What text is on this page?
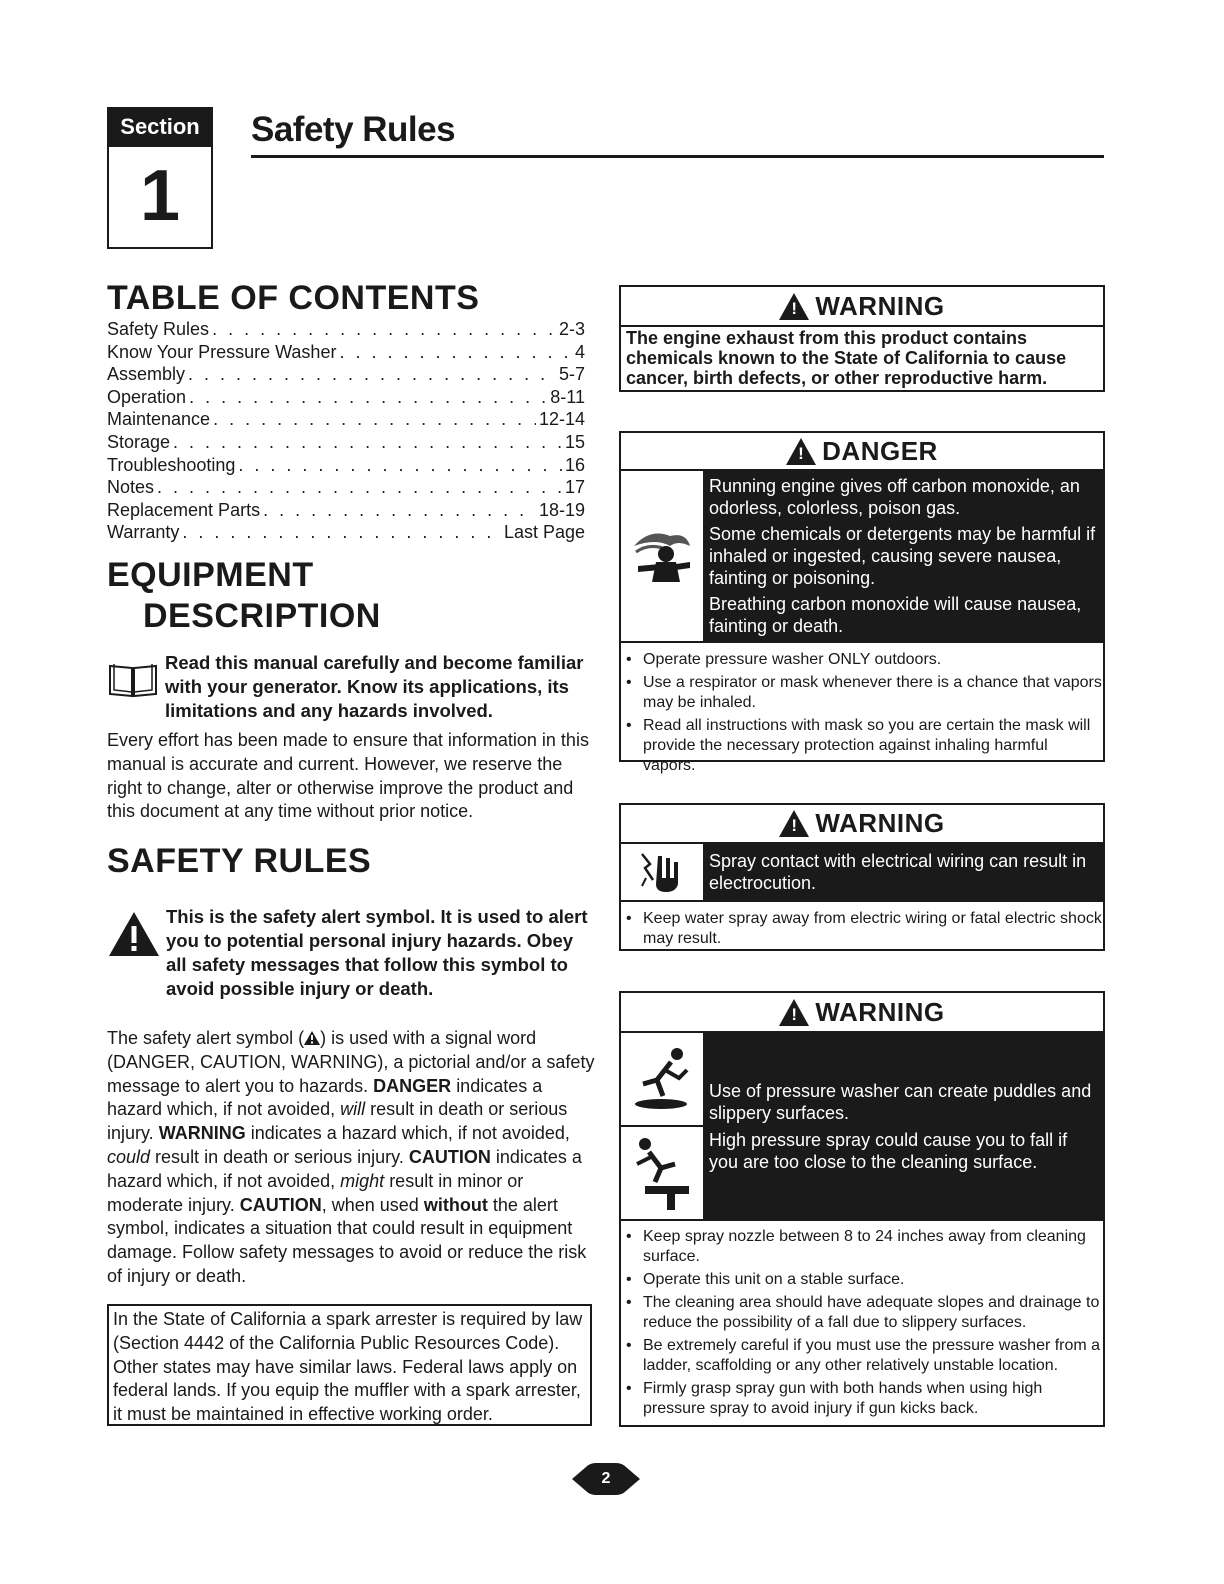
Section
1
Safety Rules
TABLE OF CONTENTS
Safety Rules . . .	2-3
Know Your Pressure Washer . . .	4
Assembly . . .	5-7
Operation . . .	8-11
Maintenance . . .	12-14
Storage . . .	15
Troubleshooting . . .	16
Notes . . .	17
Replacement Parts . . .	18-19
Warranty . . .	Last Page
EQUIPMENT
DESCRIPTION
Read this manual carefully and become familiar with your generator. Know its applications, its limitations and any hazards involved.
Every effort has been made to ensure that information in this manual is accurate and current. However, we reserve the right to change, alter or otherwise improve the product and this document at any time without prior notice.
SAFETY RULES
This is the safety alert symbol. It is used to alert you to potential personal injury hazards. Obey all safety messages that follow this symbol to avoid possible injury or death.
The safety alert symbol ( ) is used with a signal word (DANGER, CAUTION, WARNING), a pictorial and/or a safety message to alert you to hazards. DANGER indicates a hazard which, if not avoided, will result in death or serious injury. WARNING indicates a hazard which, if not avoided, could result in death or serious injury. CAUTION indicates a hazard which, if not avoided, might result in minor or moderate injury. CAUTION, when used without the alert symbol, indicates a situation that could result in equipment damage. Follow safety messages to avoid or reduce the risk of injury or death.
In the State of California a spark arrester is required by law (Section 4442 of the California Public Resources Code). Other states may have similar laws. Federal laws apply on federal lands. If you equip the muffler with a spark arrester, it must be maintained in effective working order.
!
WARNING
The engine exhaust from this product contains chemicals known to the State of California to cause cancer, birth defects, or other reproductive harm.
!
DANGER
Running engine gives off carbon monoxide, an odorless, colorless, poison gas.
Some chemicals or detergents may be harmful if inhaled or ingested, causing severe nausea, fainting or poisoning.
Breathing carbon monoxide will cause nausea, fainting or death.
• Operate pressure washer ONLY outdoors.
• Use a respirator or mask whenever there is a chance that vapors may be inhaled.
• Read all instructions with mask so you are certain the mask will provide the necessary protection against inhaling harmful vapors.
!
WARNING
Spray contact with electrical wiring can result in electrocution.
• Keep water spray away from electric wiring or fatal electric shock may result.
!
WARNING
Use of pressure washer can create puddles and slippery surfaces.
High pressure spray could cause you to fall if you are too close to the cleaning surface.
• Keep spray nozzle between 8 to 24 inches away from cleaning surface.
• Operate this unit on a stable surface.
• The cleaning area should have adequate slopes and drainage to reduce the possibility of a fall due to slippery surfaces.
• Be extremely careful if you must use the pressure washer from a ladder, scaffolding or any other relatively unstable location.
• Firmly grasp spray gun with both hands when using high pressure spray to avoid injury if gun kicks back.
2
